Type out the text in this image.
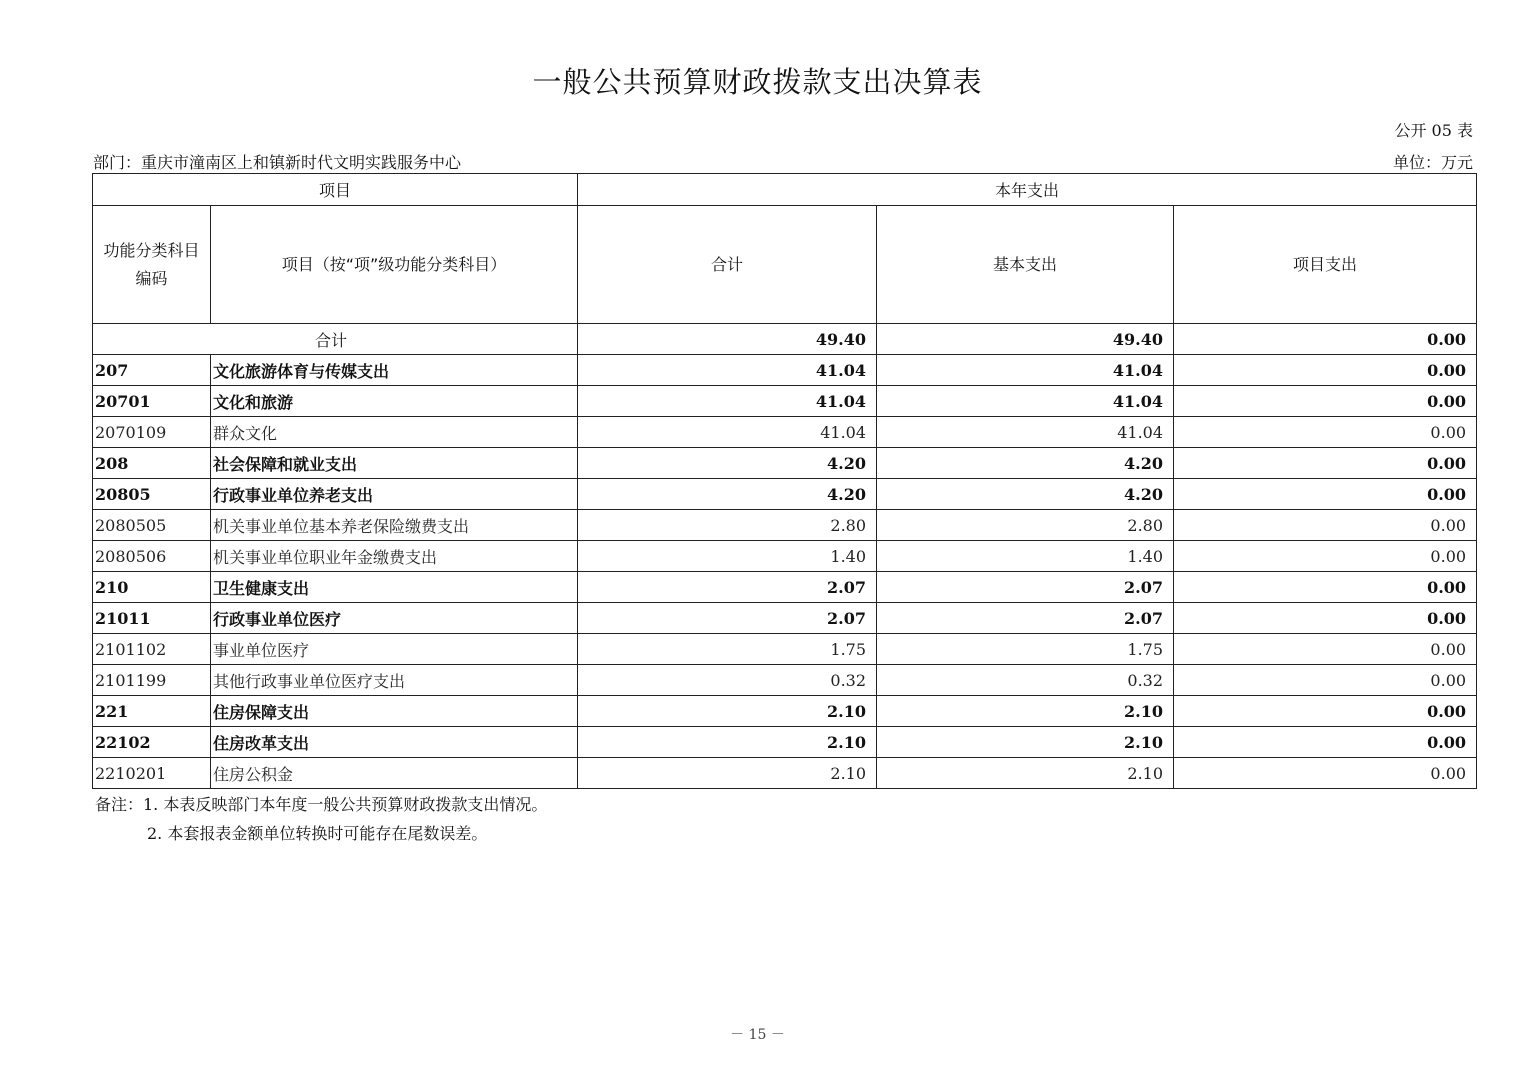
一般公共预算财政拨款支出决算表
公开 05 表
部门：重庆市潼南区上和镇新时代文明实践服务中心	单位：万元
项目		本年支出		
功能分类科目编码	项目（按“项”级功能分类科目）	合计	基本支出	项目支出
合计		49.40	49.40	0.00
207	文化旅游体育与传媒支出	41.04	41.04	0.00
20701	文化和旅游	41.04	41.04	0.00
2070109	群众文化	41.04	41.04	0.00
208	社会保障和就业支出	4.20	4.20	0.00
20805	行政事业单位养老支出	4.20	4.20	0.00
2080505	机关事业单位基本养老保险缴费支出	2.80	2.80	0.00
2080506	机关事业单位职业年金缴费支出	1.40	1.40	0.00
210	卫生健康支出	2.07	2.07	0.00
21011	行政事业单位医疗	2.07	2.07	0.00
2101102	事业单位医疗	1.75	1.75	0.00
2101199	其他行政事业单位医疗支出	0.32	0.32	0.00
221	住房保障支出	2.10	2.10	0.00
22102	住房改革支出	2.10	2.10	0.00
2210201	住房公积金	2.10	2.10	0.00
备注：1. 本表反映部门本年度一般公共预算财政拨款支出情况。
2. 本套报表金额单位转换时可能存在尾数误差。
－ 15 －
